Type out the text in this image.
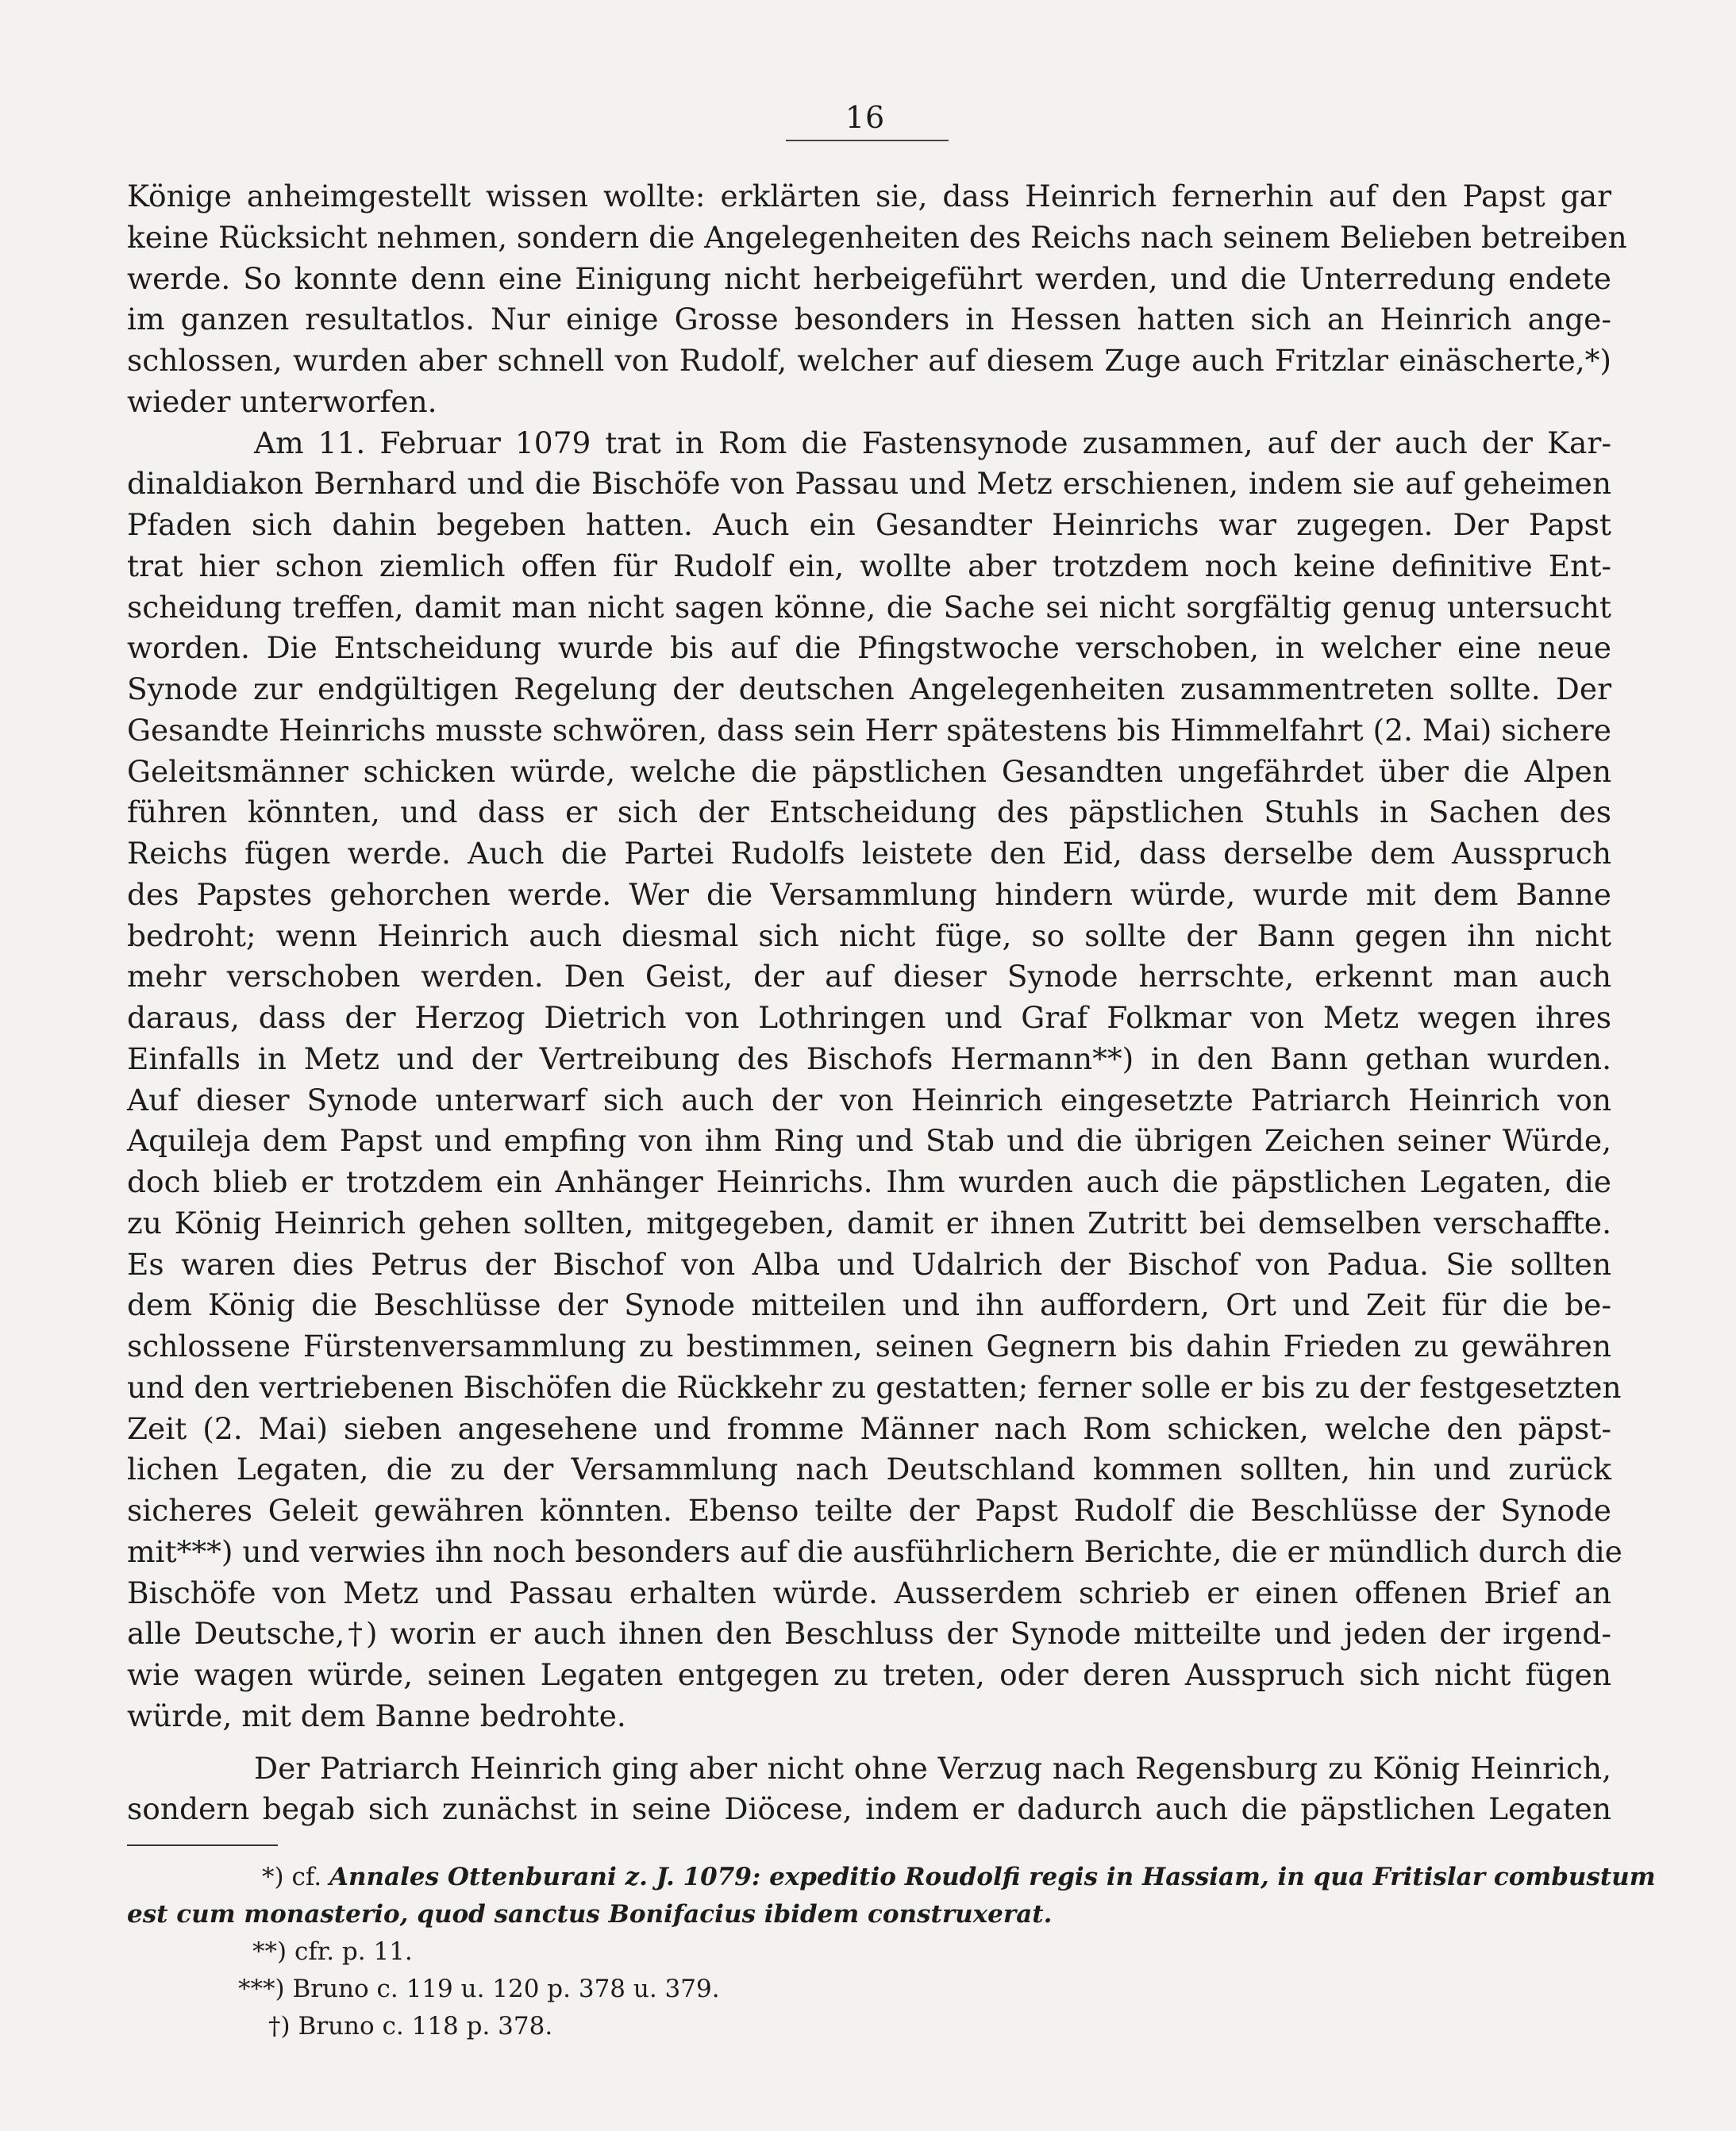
16
Könige anheimgestellt wissen wollte: erklärten sie, dass Heinrich fernerhin auf den Papst gar
keine Rücksicht nehmen, sondern die Angelegenheiten des Reichs nach seinem Belieben betreiben
werde. So konnte denn eine Einigung nicht herbeigeführt werden, und die Unterredung endete
im ganzen resultatlos. Nur einige Grosse besonders in Hessen hatten sich an Heinrich ange-
schlossen, wurden aber schnell von Rudolf, welcher auf diesem Zuge auch Fritzlar einäscherte,*)
wieder unterworfen.
Am 11. Februar 1079 trat in Rom die Fastensynode zusammen, auf der auch der Kar-
dinaldiakon Bernhard und die Bischöfe von Passau und Metz erschienen, indem sie auf geheimen
Pfaden sich dahin begeben hatten. Auch ein Gesandter Heinrichs war zugegen. Der Papst
trat hier schon ziemlich offen für Rudolf ein, wollte aber trotzdem noch keine definitive Ent-
scheidung treffen, damit man nicht sagen könne, die Sache sei nicht sorgfältig genug untersucht
worden. Die Entscheidung wurde bis auf die Pfingstwoche verschoben, in welcher eine neue
Synode zur endgültigen Regelung der deutschen Angelegenheiten zusammentreten sollte. Der
Gesandte Heinrichs musste schwören, dass sein Herr spätestens bis Himmelfahrt (2. Mai) sichere
Geleitsmänner schicken würde, welche die päpstlichen Gesandten ungefährdet über die Alpen
führen könnten, und dass er sich der Entscheidung des päpstlichen Stuhls in Sachen des
Reichs fügen werde. Auch die Partei Rudolfs leistete den Eid, dass derselbe dem Ausspruch
des Papstes gehorchen werde. Wer die Versammlung hindern würde, wurde mit dem Banne
bedroht; wenn Heinrich auch diesmal sich nicht füge, so sollte der Bann gegen ihn nicht
mehr verschoben werden. Den Geist, der auf dieser Synode herrschte, erkennt man auch
daraus, dass der Herzog Dietrich von Lothringen und Graf Folkmar von Metz wegen ihres
Einfalls in Metz und der Vertreibung des Bischofs Hermann**) in den Bann gethan wurden.
Auf dieser Synode unterwarf sich auch der von Heinrich eingesetzte Patriarch Heinrich von
Aquileja dem Papst und empfing von ihm Ring und Stab und die übrigen Zeichen seiner Würde,
doch blieb er trotzdem ein Anhänger Heinrichs. Ihm wurden auch die päpstlichen Legaten, die
zu König Heinrich gehen sollten, mitgegeben, damit er ihnen Zutritt bei demselben verschaffte.
Es waren dies Petrus der Bischof von Alba und Udalrich der Bischof von Padua. Sie sollten
dem König die Beschlüsse der Synode mitteilen und ihn auffordern, Ort und Zeit für die be-
schlossene Fürstenversammlung zu bestimmen, seinen Gegnern bis dahin Frieden zu gewähren
und den vertriebenen Bischöfen die Rückkehr zu gestatten; ferner solle er bis zu der festgesetzten
Zeit (2. Mai) sieben angesehene und fromme Männer nach Rom schicken, welche den päpst-
lichen Legaten, die zu der Versammlung nach Deutschland kommen sollten, hin und zurück
sicheres Geleit gewähren könnten. Ebenso teilte der Papst Rudolf die Beschlüsse der Synode
mit***) und verwies ihn noch besonders auf die ausführlichern Berichte, die er mündlich durch die
Bischöfe von Metz und Passau erhalten würde. Ausserdem schrieb er einen offenen Brief an
alle Deutsche,†) worin er auch ihnen den Beschluss der Synode mitteilte und jeden der irgend-
wie wagen würde, seinen Legaten entgegen zu treten, oder deren Ausspruch sich nicht fügen
würde, mit dem Banne bedrohte.
Der Patriarch Heinrich ging aber nicht ohne Verzug nach Regensburg zu König Heinrich,
sondern begab sich zunächst in seine Diöcese, indem er dadurch auch die päpstlichen Legaten
*) cf. Annales Ottenburani z. J. 1079: expeditio Roudolfi regis in Hassiam, in qua Fritislar combustum
est cum monasterio, quod sanctus Bonifacius ibidem construxerat.
**) cfr. p. 11.
***) Bruno c. 119 u. 120 p. 378 u. 379.
†) Bruno c. 118 p. 378.
